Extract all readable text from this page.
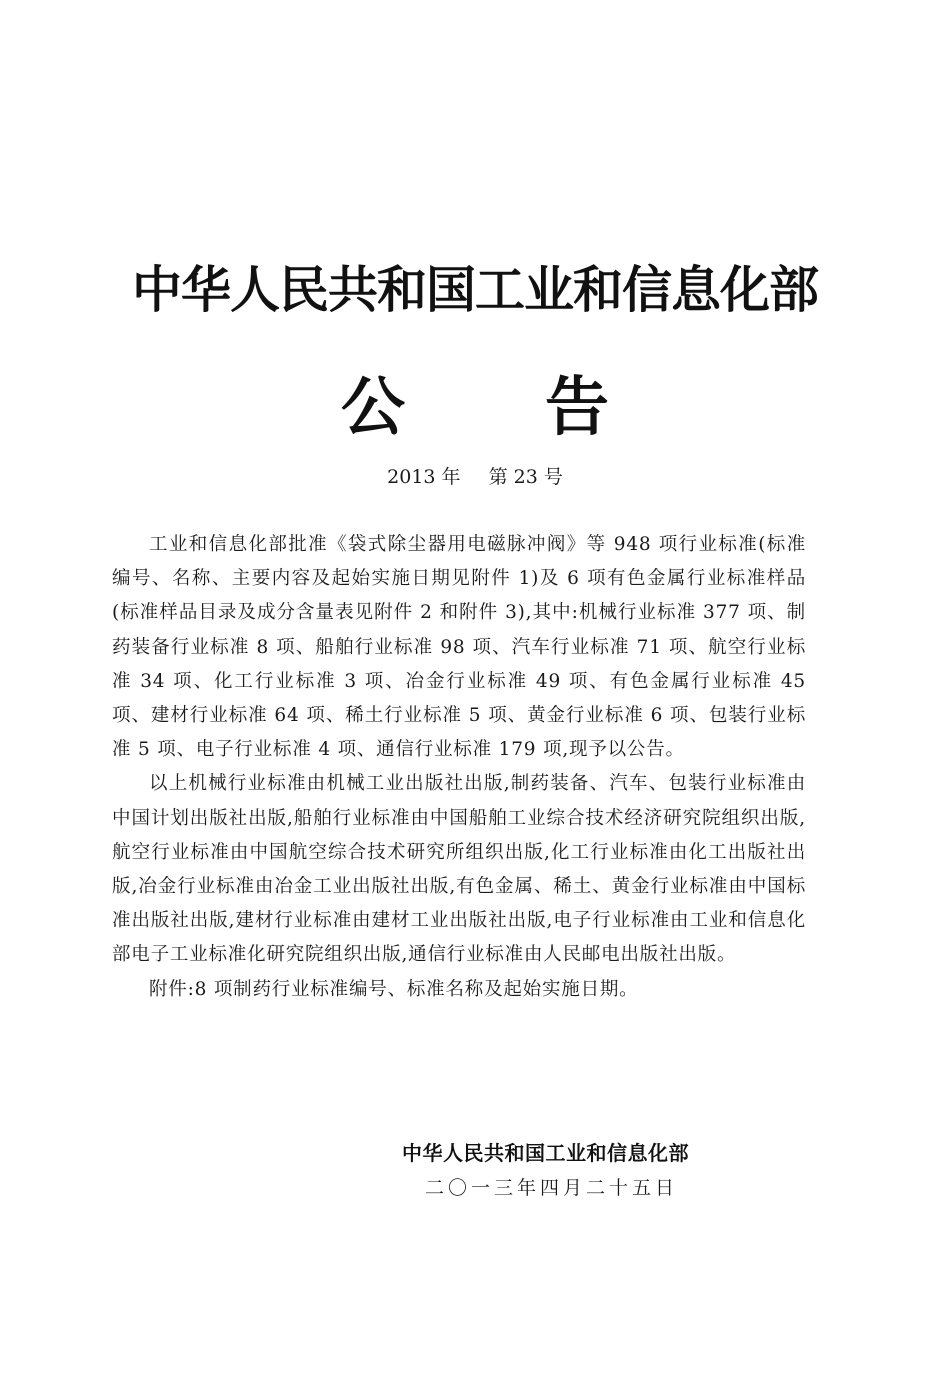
中华人民共和国工业和信息化部
公告
2013 年 第 23 号

工业和信息化部批准《袋式除尘器用电磁脉冲阀》等 948 项行业标准(标准编号、名称、主要内容及起始实施日期见附件 1)及 6 项有色金属行业标准样品(标准样品目录及成分含量表见附件 2 和附件 3),其中:机械行业标准 377 项、制药装备行业标准 8 项、船舶行业标准 98 项、汽车行业标准 71 项、航空行业标准 34 项、化工行业标准 3 项、冶金行业标准 49 项、有色金属行业标准 45 项、建材行业标准 64 项、稀土行业标准 5 项、黄金行业标准 6 项、包装行业标准 5 项、电子行业标准 4 项、通信行业标准 179 项,现予以公告。

以上机械行业标准由机械工业出版社出版,制药装备、汽车、包装行业标准由中国计划出版社出版,船舶行业标准由中国船舶工业综合技术经济研究院组织出版,航空行业标准由中国航空综合技术研究所组织出版,化工行业标准由化工出版社出版,冶金行业标准由冶金工业出版社出版,有色金属、稀土、黄金行业标准由中国标准出版社出版,建材行业标准由建材工业出版社出版,电子行业标准由工业和信息化部电子工业标准化研究院组织出版,通信行业标准由人民邮电出版社出版。

附件:8 项制药行业标准编号、标准名称及起始实施日期。

中华人民共和国工业和信息化部
二〇一三年四月二十五日
